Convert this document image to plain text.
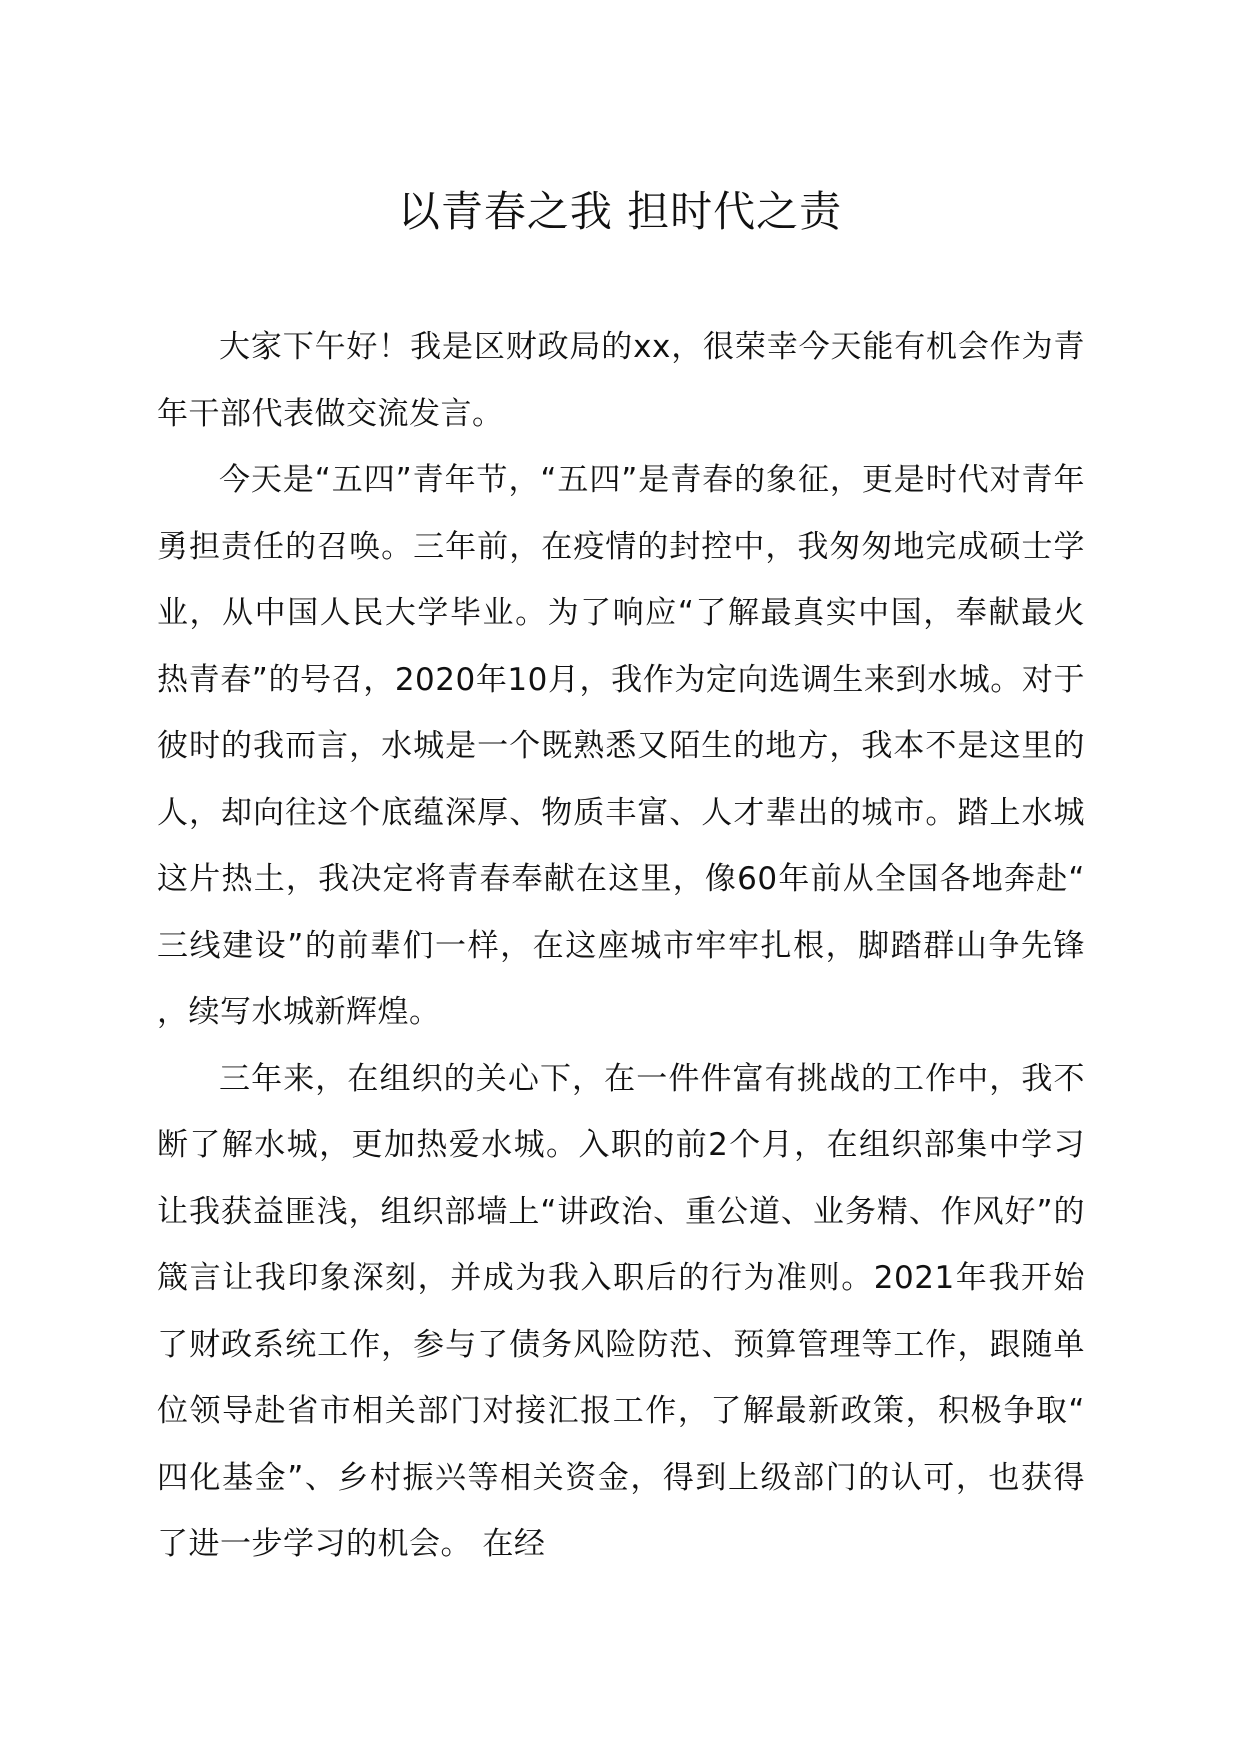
以青春之我 担时代之责

大家下午好！我是区财政局的xx，很荣幸今天能有机会作为青年干部代表做交流发言。

今天是“五四”青年节，“五四”是青春的象征，更是时代对青年勇担责任的召唤。三年前，在疫情的封控中，我匆匆地完成硕士学业，从中国人民大学毕业。为了响应“了解最真实中国，奉献最火热青春”的号召，2020年10月，我作为定向选调生来到水城。对于彼时的我而言，水城是一个既熟悉又陌生的地方，我本不是这里的人，却向往这个底蕴深厚、物质丰富、人才辈出的城市。踏上水城这片热土，我决定将青春奉献在这里，像60年前从全国各地奔赴“三线建设”的前辈们一样，在这座城市牢牢扎根，脚踏群山争先锋，续写水城新辉煌。

三年来，在组织的关心下，在一件件富有挑战的工作中，我不断了解水城，更加热爱水城。入职的前2个月，在组织部集中学习让我获益匪浅，组织部墙上“讲政治、重公道、业务精、作风好”的箴言让我印象深刻，并成为我入职后的行为准则。2021年我开始了财政系统工作，参与了债务风险防范、预算管理等工作，跟随单位领导赴省市相关部门对接汇报工作，了解最新政策，积极争取“四化基金”、乡村振兴等相关资金，得到上级部门的认可，也获得了进一步学习的机会。 在经
